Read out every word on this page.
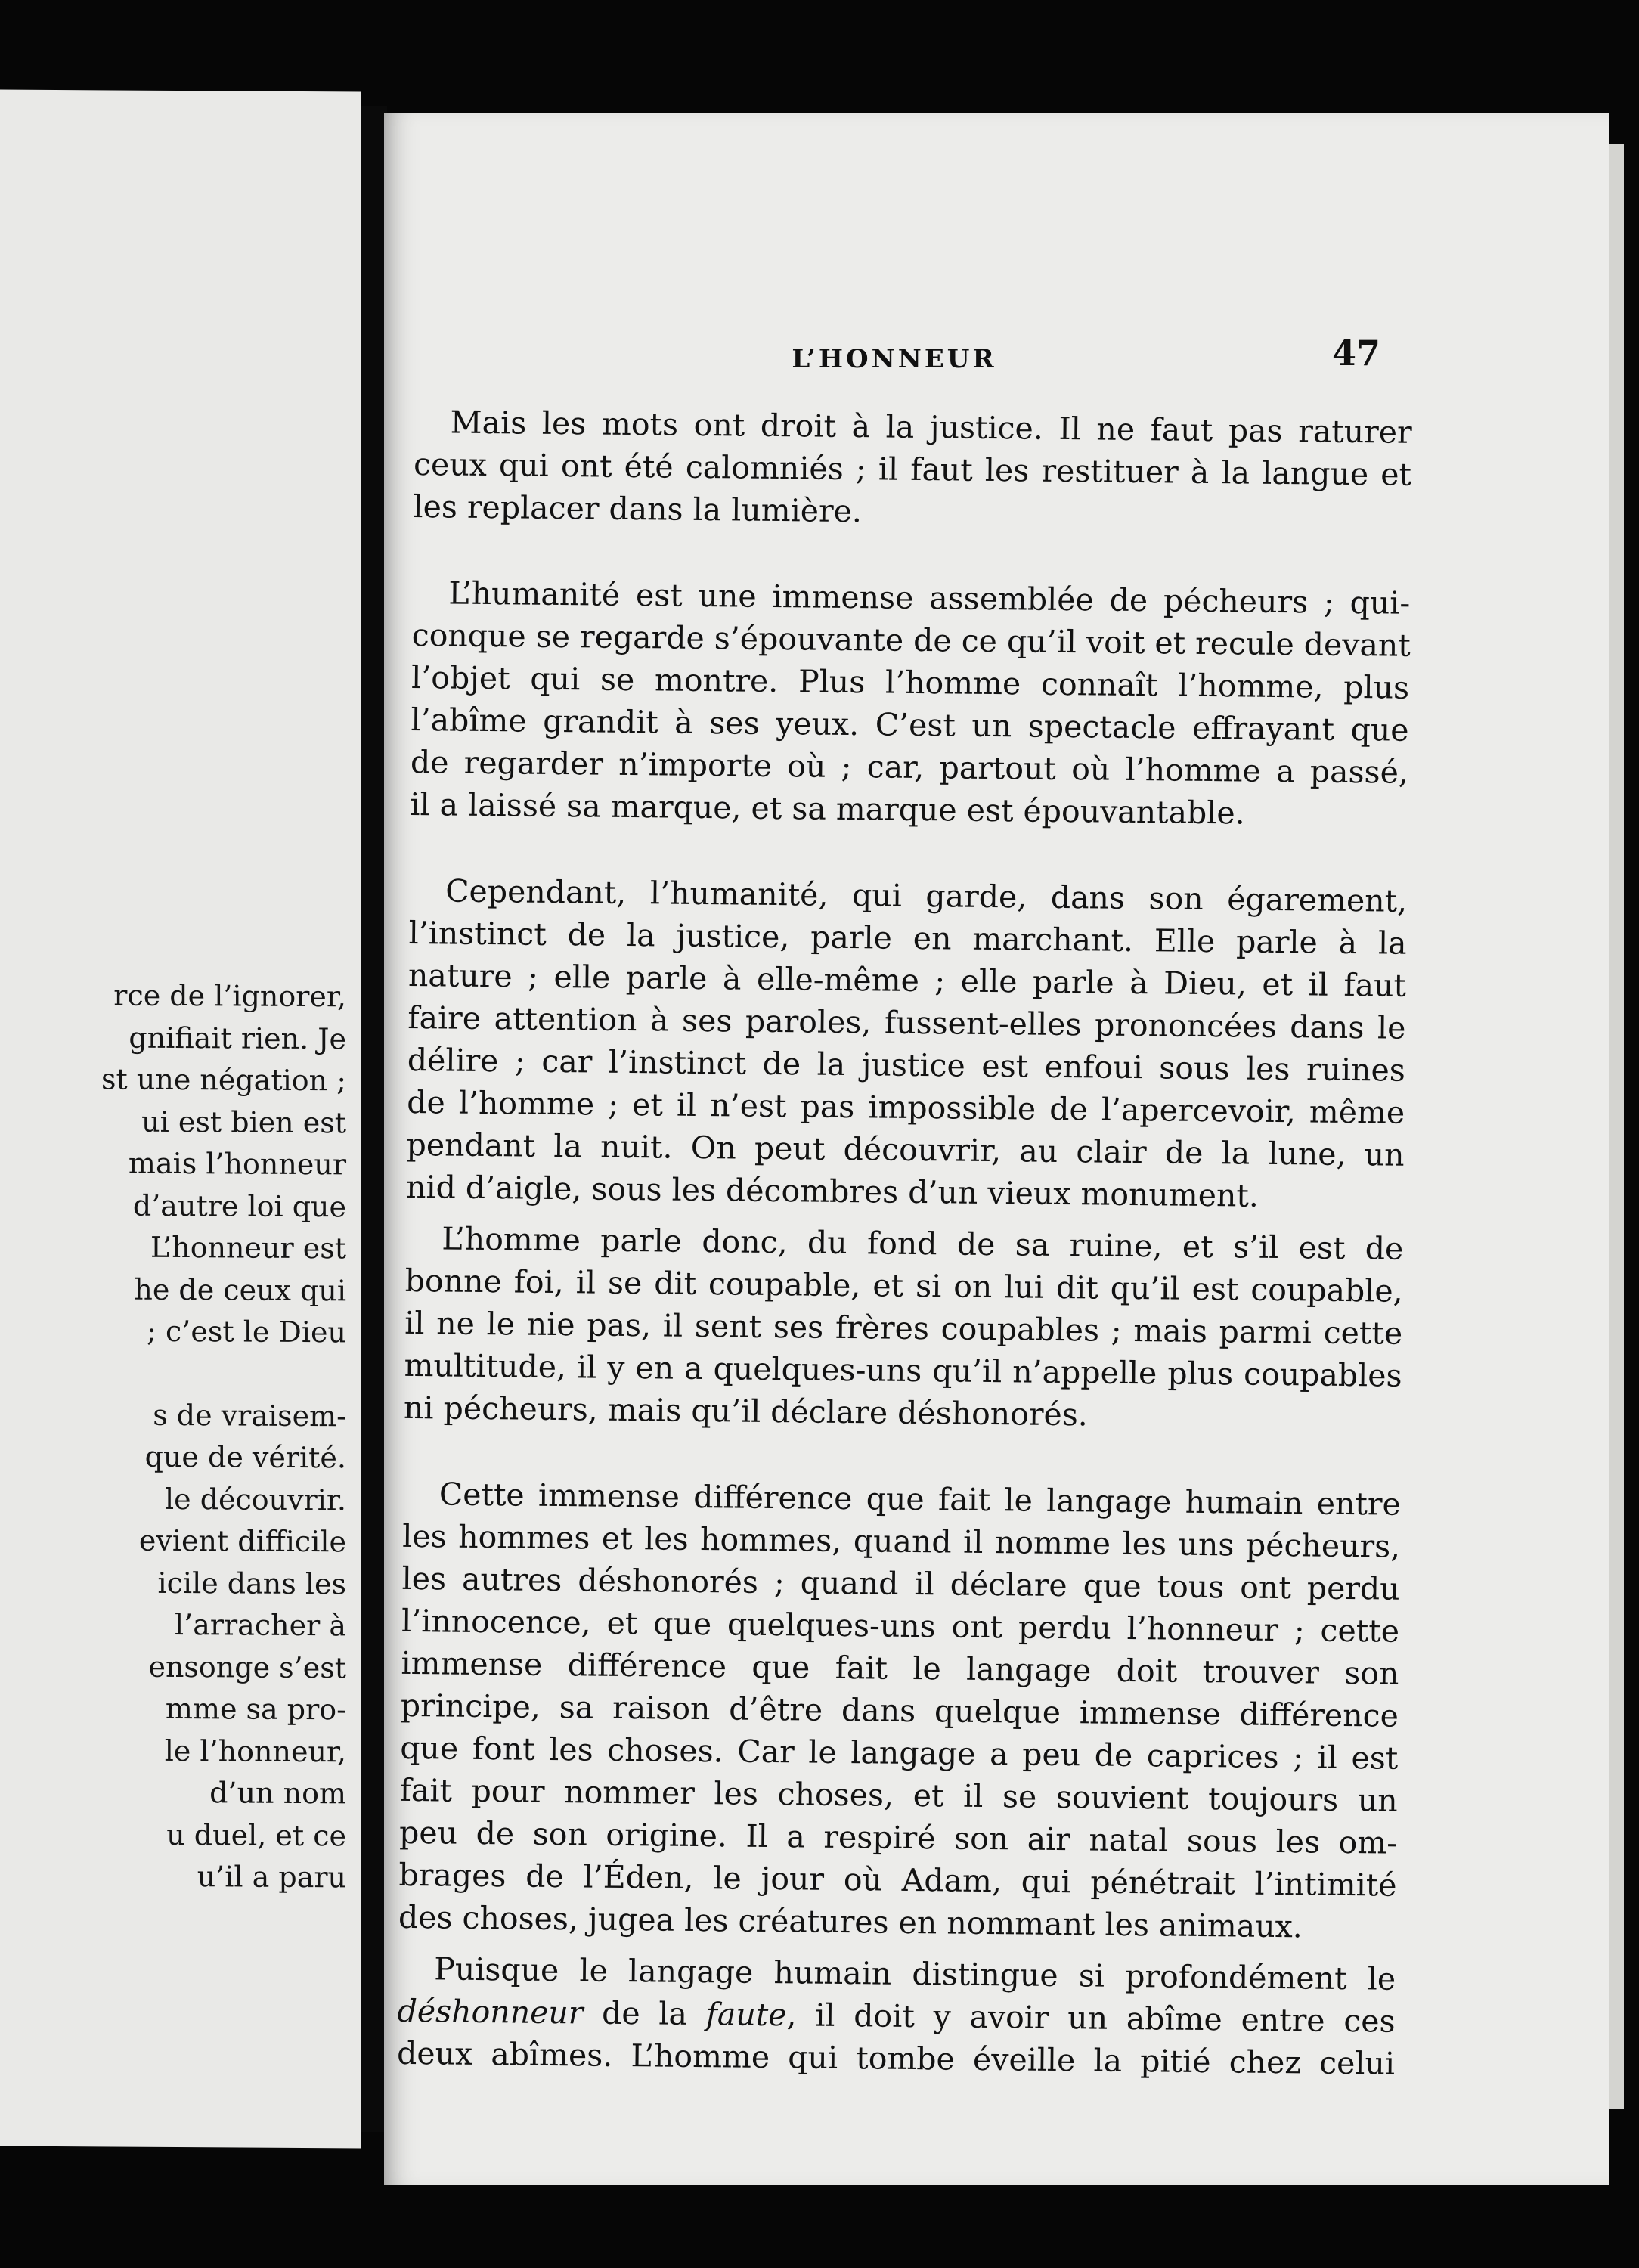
rce de l’ignorer,
gnifiait rien. Je
st une négation ;
ui est bien est
mais l’honneur
d’autre loi que
L’honneur est
he de ceux qui
; c’est le Dieu
s de vraisem-
que de vérité.
le découvrir.
evient difficile
icile dans les
l’arracher à
ensonge s’est
mme sa pro-
le l’honneur,
d’un nom
u duel, et ce
u’il a paru
L’HONNEUR	47
Mais les mots ont droit à la justice. Il ne faut pas raturer
ceux qui ont été calomniés ; il faut les restituer à la langue et
les replacer dans la lumière.
L’humanité est une immense assemblée de pécheurs ; qui-
conque se regarde s’épouvante de ce qu’il voit et recule devant
l’objet qui se montre. Plus l’homme connaît l’homme, plus
l’abîme grandit à ses yeux. C’est un spectacle effrayant que
de regarder n’importe où ; car, partout où l’homme a passé,
il a laissé sa marque, et sa marque est épouvantable.
Cependant, l’humanité, qui garde, dans son égarement,
l’instinct de la justice, parle en marchant. Elle parle à la
nature ; elle parle à elle-même ; elle parle à Dieu, et il faut
faire attention à ses paroles, fussent-elles prononcées dans le
délire ; car l’instinct de la justice est enfoui sous les ruines
de l’homme ; et il n’est pas impossible de l’apercevoir, même
pendant la nuit. On peut découvrir, au clair de la lune, un
nid d’aigle, sous les décombres d’un vieux monument.
L’homme parle donc, du fond de sa ruine, et s’il est de
bonne foi, il se dit coupable, et si on lui dit qu’il est coupable,
il ne le nie pas, il sent ses frères coupables ; mais parmi cette
multitude, il y en a quelques-uns qu’il n’appelle plus coupables
ni pécheurs, mais qu’il déclare déshonorés.
Cette immense différence que fait le langage humain entre
les hommes et les hommes, quand il nomme les uns pécheurs,
les autres déshonorés ; quand il déclare que tous ont perdu
l’innocence, et que quelques-uns ont perdu l’honneur ; cette
immense différence que fait le langage doit trouver son
principe, sa raison d’être dans quelque immense différence
que font les choses. Car le langage a peu de caprices ; il est
fait pour nommer les choses, et il se souvient toujours un
peu de son origine. Il a respiré son air natal sous les om-
brages de l’Éden, le jour où Adam, qui pénétrait l’intimité
des choses, jugea les créatures en nommant les animaux.
Puisque le langage humain distingue si profondément le
déshonneur de la faute, il doit y avoir un abîme entre ces
deux abîmes. L’homme qui tombe éveille la pitié chez celui
